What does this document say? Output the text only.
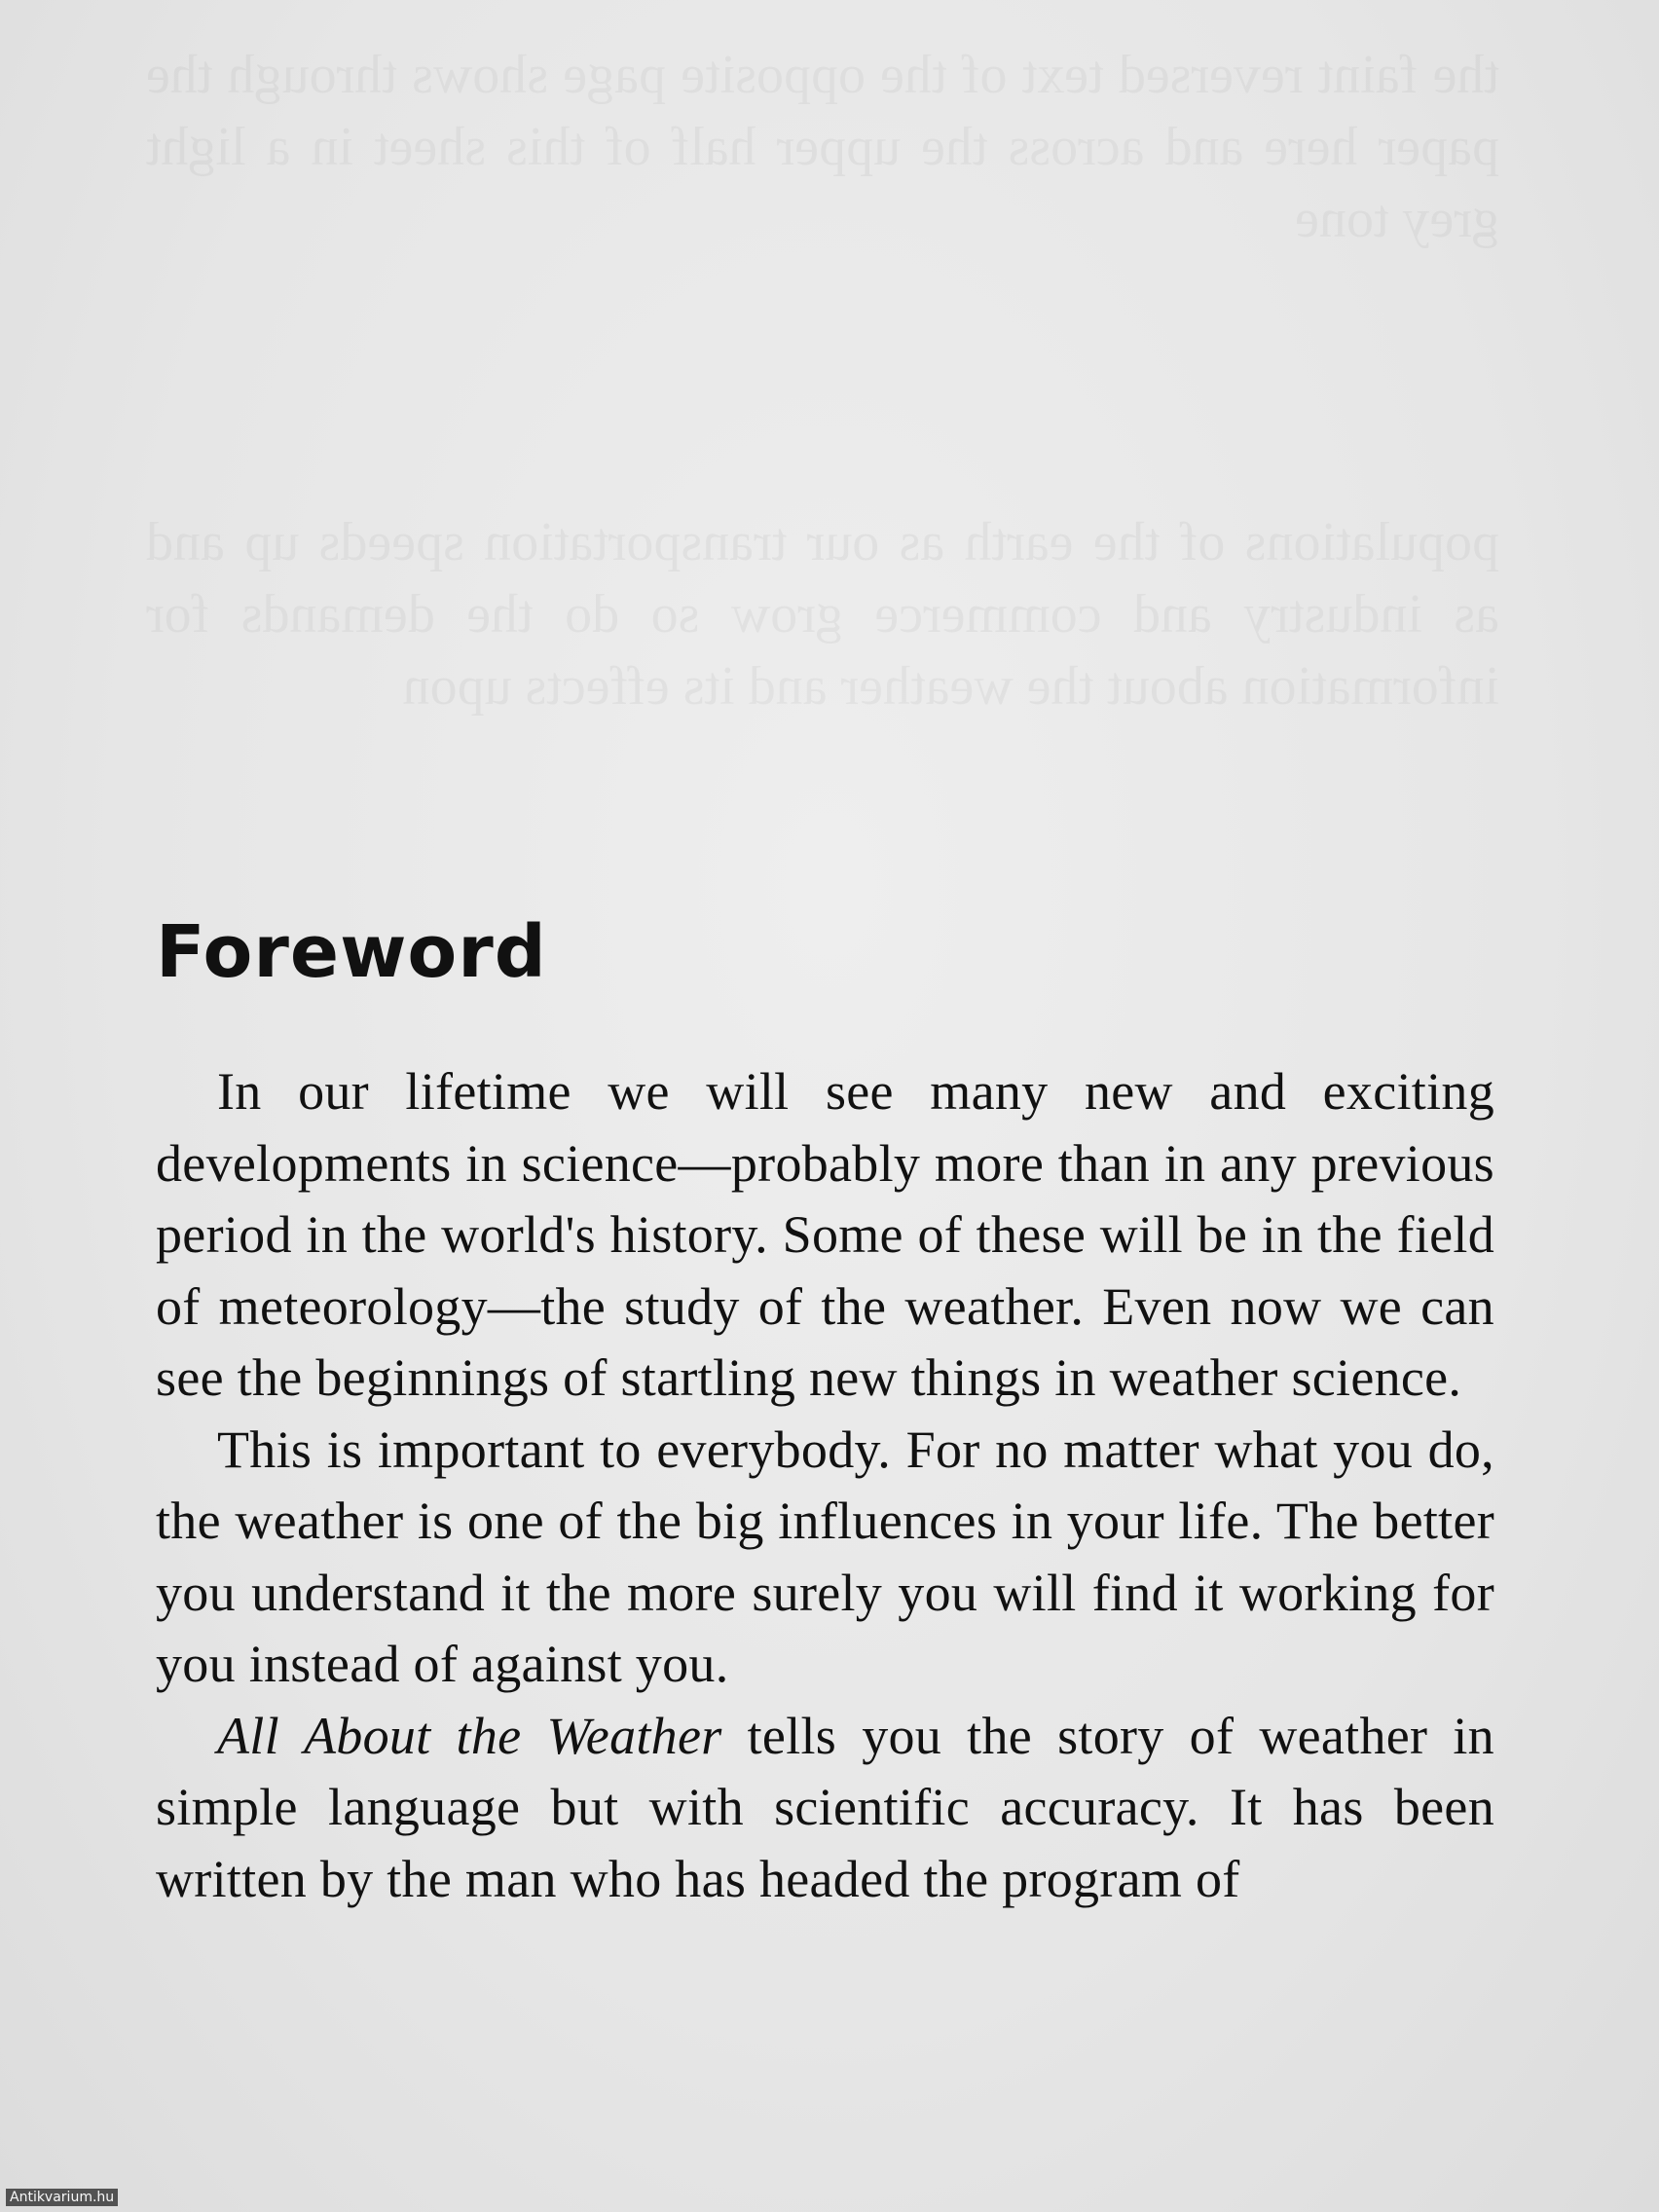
Foreword

In our lifetime we will see many new and exciting developments in science—probably more than in any previous period in the world's history. Some of these will be in the field of meteorology—the study of the weather. Even now we can see the beginnings of startling new things in weather science.

This is important to everybody. For no matter what you do, the weather is one of the big influences in your life. The better you understand it the more surely you will find it working for you instead of against you.

All About the Weather tells you the story of weather in simple language but with scientific accuracy. It has been written by the man who has headed the program of

Antikvarium.hu
